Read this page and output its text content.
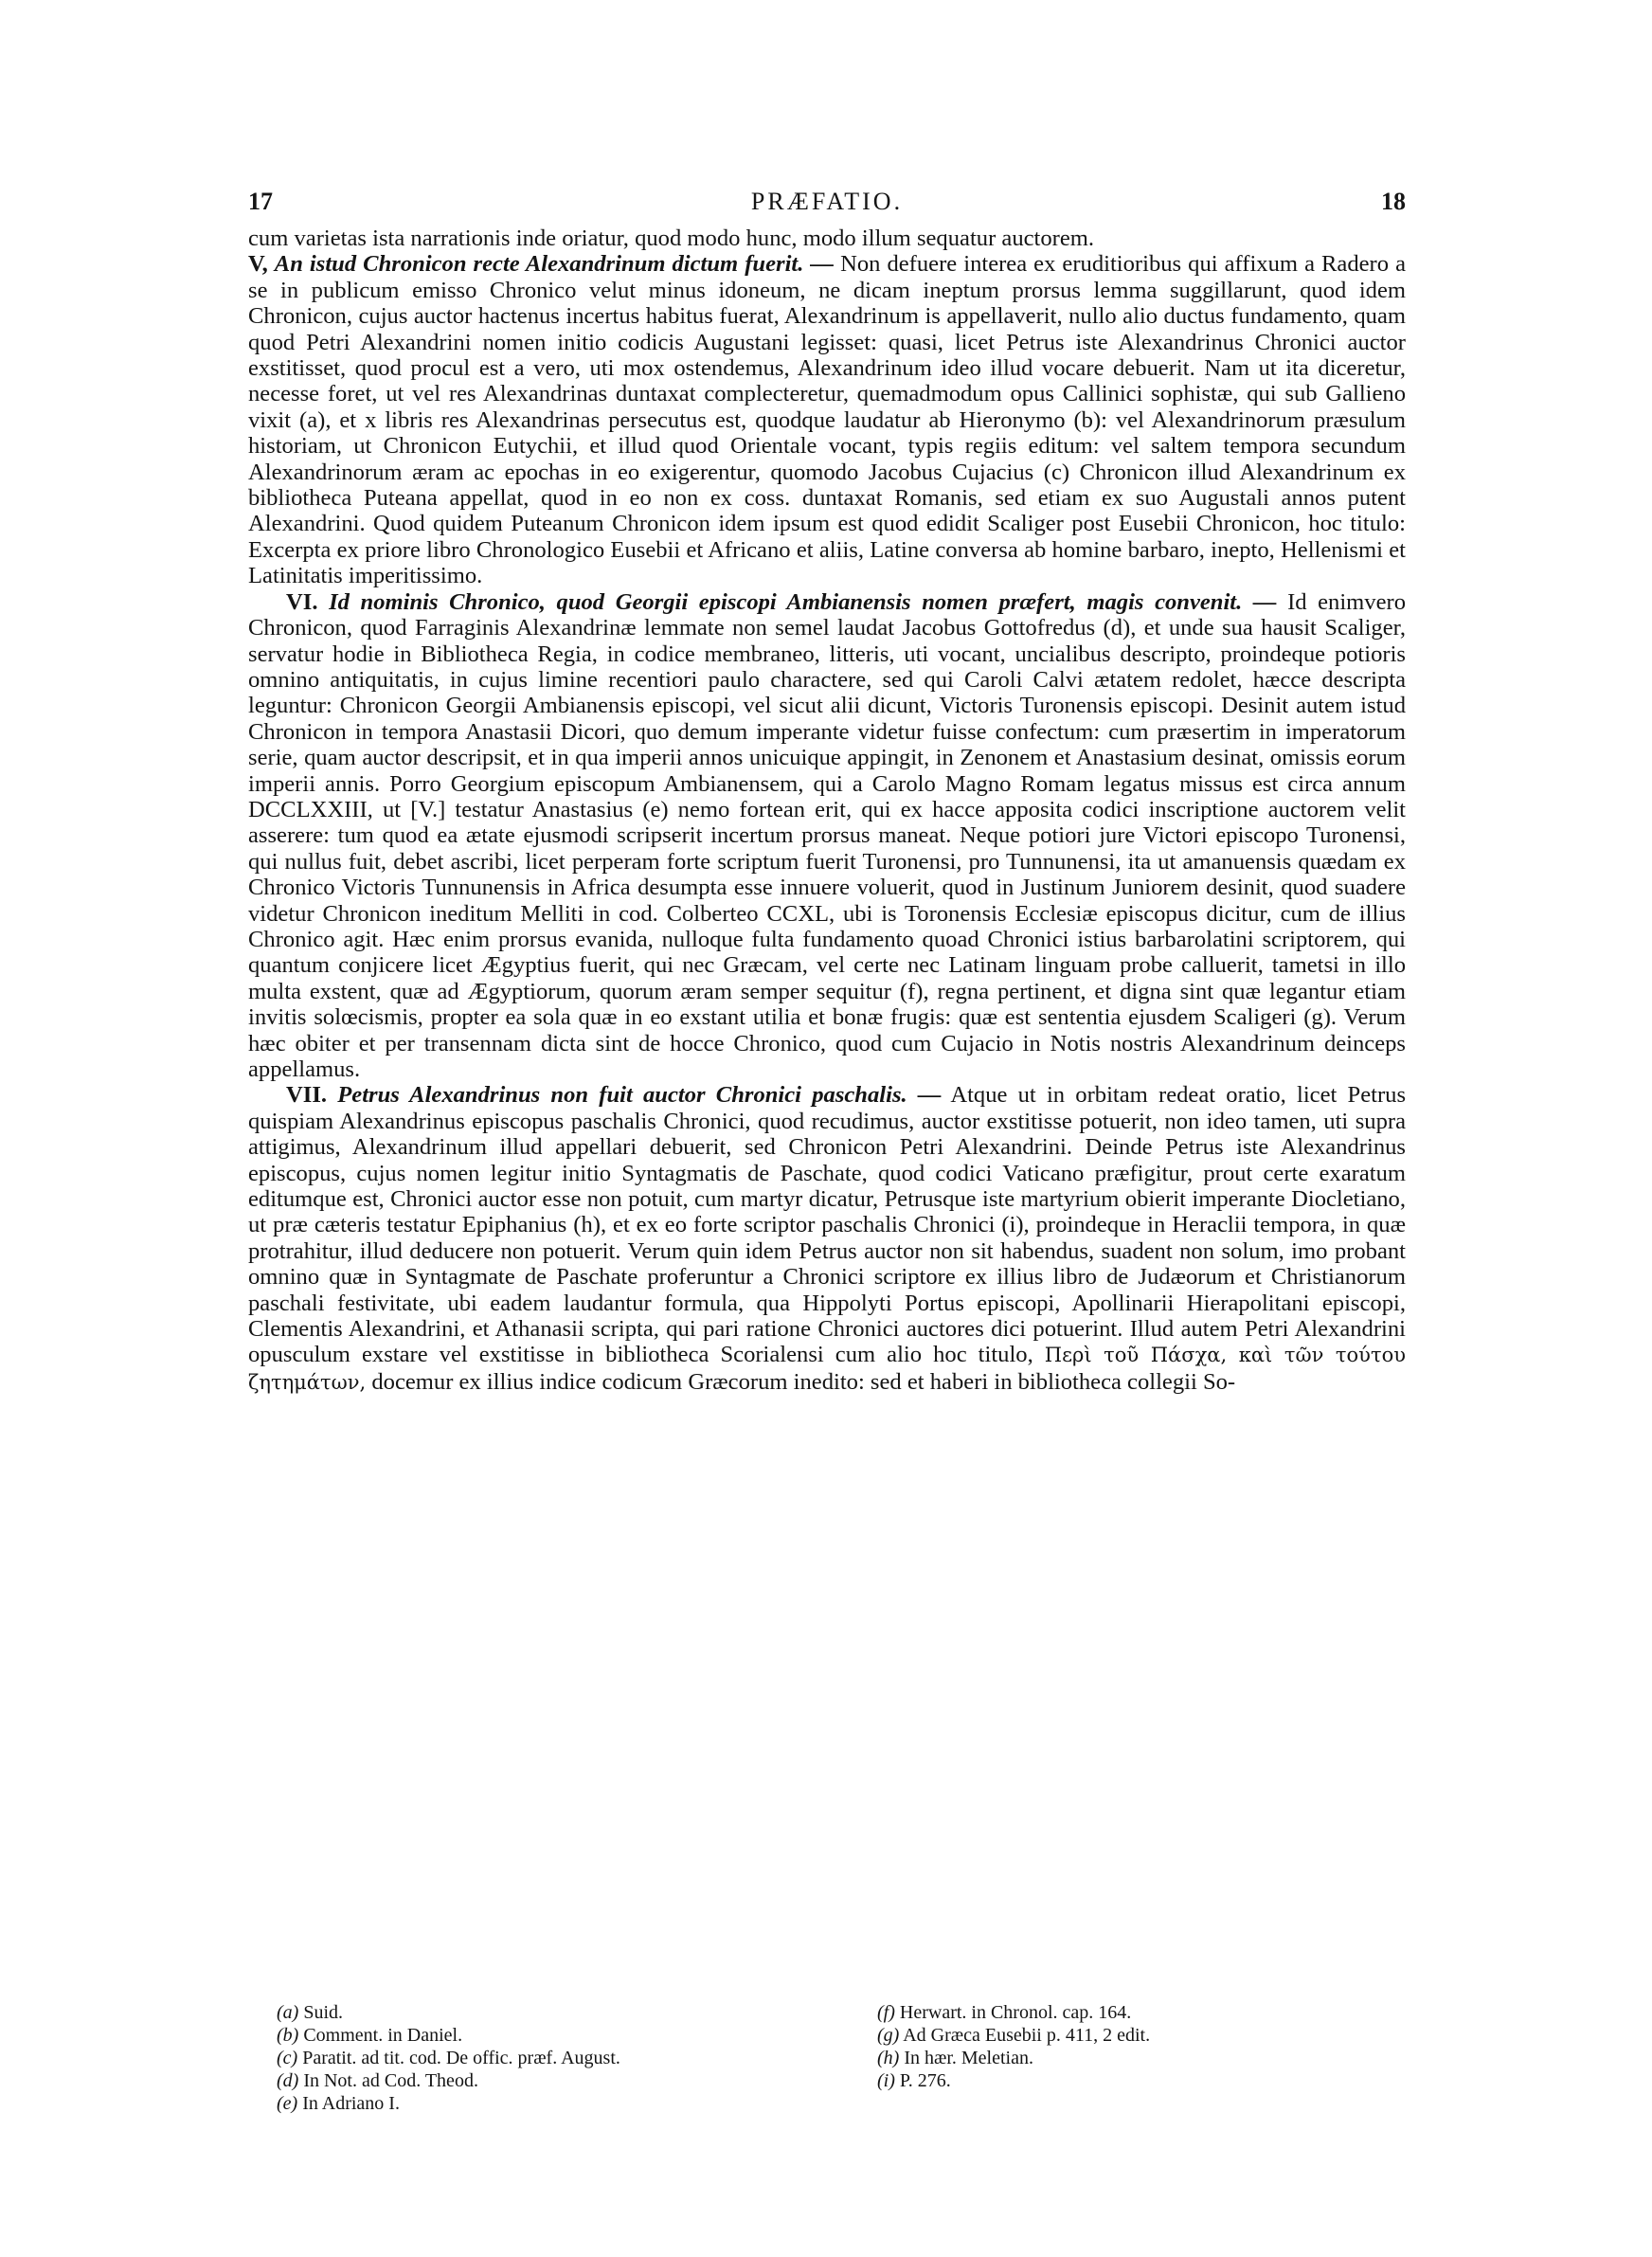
17	PRÆFATIO.	18

cum varietas ista narrationis inde oriatur, quod modo hunc, modo illum sequatur auctorem.

V, An istud Chronicon recte Alexandrinum dictum fuerit. — Non defuere interea ex eruditioribus qui affixum a Radero a se in publicum emisso Chronico velut minus idoneum, ne dicam ineptum prorsus lemma suggillarunt, quod idem Chronicon, cujus auctor hactenus incertus habitus fuerat, Alexandrinum is appellaverit, nullo alio ductus fundamento, quam quod Petri Alexandrini nomen initio codicis Augustani legisset: quasi, licet Petrus iste Alexandrinus Chronici auctor exstitisset, quod procul est a vero, uti mox ostendemus, Alexandrinum ideo illud vocare debuerit. Nam ut ita diceretur, necesse foret, ut vel res Alexandrinas duntaxat complecteretur, quemadmodum opus Callinici sophistæ, qui sub Gallieno vixit (a), et x libris res Alexandrinas persecutus est, quodque laudatur ab Hieronymo (b): vel Alexandrinorum præsulum historiam, ut Chronicon Eutychii, et illud quod Orientale vocant, typis regiis editum: vel saltem tempora secundum Alexandrinorum æram ac epochas in eo exigerentur, quomodo Jacobus Cujacius (c) Chronicon illud Alexandrinum ex bibliotheca Puteana appellat, quod in eo non ex coss. duntaxat Romanis, sed etiam ex suo Augustali annos putent Alexandrini. Quod quidem Puteanum Chronicon idem ipsum est quod edidit Scaliger post Eusebii Chronicon, hoc titulo: Excerpta ex priore libro Chronologico Eusebii et Africano et aliis, Latine conversa ab homine barbaro, inepto, Hellenismi et Latinitatis imperitissimo.

VI. Id nominis Chronico, quod Georgii episcopi Ambianensis nomen præfert, magis convenit. — Id enimvero Chronicon, quod Farraginis Alexandrinæ lemmate non semel laudat Jacobus Gottofredus (d), et unde sua hausit Scaliger, servatur hodie in Bibliotheca Regia, in codice membraneo, litteris, uti vocant, uncialibus descripto, proindeque potioris omnino antiquitatis, in cujus limine recentiori paulo charactere, sed qui Caroli Calvi ætatem redolet, hæcce descripta leguntur: Chronicon Georgii Ambianensis episcopi, vel sicut alii dicunt, Victoris Turonensis episcopi. Desinit autem istud Chronicon in tempora Anastasii Dicori, quo demum imperante videtur fuisse confectum: cum præsertim in imperatorum serie, quam auctor descripsit, et in qua imperii annos unicuique appingit, in Zenonem et Anastasium desinat, omissis eorum imperii annis. Porro Georgium episcopum Ambianensem, qui a Carolo Magno Romam legatus missus est circa annum DCCLXXIII, ut [V.] testatur Anastasius (e) nemo fortean erit, qui ex hacce apposita codici inscriptione auctorem velit asserere: tum quod ea ætate ejusmodi scripserit incertum prorsus maneat. Neque potiori jure Victori episcopo Turonensi, qui nullus fuit, debet ascribi, licet perperam forte scriptum fuerit Turonensi, pro Tunnunensi, ita ut amanuensis quædam ex Chronico Victoris Tunnunensis in Africa desumpta esse innuere voluerit, quod in Justinum Juniorem desinit, quod suadere videtur Chronicon ineditum Melliti in cod. Colberteo CCXL, ubi is Toronensis Ecclesiæ episcopus dicitur, cum de illius Chronico agit. Hæc enim prorsus evanida, nulloque fulta fundamento quoad Chronici istius barbarolatini scriptorem, qui quantum conjicere licet Ægyptius fuerit, qui nec Græcam, vel certe nec Latinam linguam probe calluerit, tametsi in illo multa exstent, quæ ad Ægyptiorum, quorum æram semper sequitur (f), regna pertinent, et digna sint quæ legantur etiam invitis solœcismis, propter ea sola quæ in eo exstant utilia et bonæ frugis: quæ est sententia ejusdem Scaligeri (g). Verum hæc obiter et per transennam dicta sint de hocce Chronico, quod cum Cujacio in Notis nostris Alexandrinum deinceps appellamus.

VII. Petrus Alexandrinus non fuit auctor Chronici paschalis. — Atque ut in orbitam redeat oratio, licet Petrus quispiam Alexandrinus episcopus paschalis Chronici, quod recudimus, auctor exstitisse potuerit, non ideo tamen, uti supra attigimus, Alexandrinum illud appellari debuerit, sed Chronicon Petri Alexandrini. Deinde Petrus iste Alexandrinus episcopus, cujus nomen legitur initio Syntagmatis de Paschate, quod codici Vaticano præfigitur, prout certe exaratum editumque est, Chronici auctor esse non potuit, cum martyr dicatur, Petrusque iste martyrium obierit imperante Diocletiano, ut præ cæteris testatur Epiphanius (h), et ex eo forte scriptor paschalis Chronici (i), proindeque in Heraclii tempora, in quæ protrahitur, illud deducere non potuerit. Verum quin idem Petrus auctor non sit habendus, suadent non solum, imo probant omnino quæ in Syntagmate de Paschate proferuntur a Chronici scriptore ex illius libro de Judæorum et Christianorum paschali festivitate, ubi eadem laudantur formula, qua Hippolyti Portus episcopi, Apollinarii Hierapolitani episcopi, Clementis Alexandrini, et Athanasii scripta, qui pari ratione Chronici auctores dici potuerint. Illud autem Petri Alexandrini opusculum exstare vel exstitisse in bibliotheca Scorialensi cum alio hoc titulo, Περὶ τοῦ Πάσχα, καὶ τῶν τούτου ζητημάτων, docemur ex illius indice codicum Græcorum inedito: sed et haberi in bibliotheca collegii So-

(a) Suid.
(b) Comment. in Daniel.
(c) Paratit. ad tit. cod. De offic. præf. August.
(d) In Not. ad Cod. Theod.
(e) In Adriano I.
(f) Herwart. in Chronol. cap. 164.
(g) Ad Græca Eusebii p. 411, 2 edit.
(h) In hær. Meletian.
(i) P. 276.
